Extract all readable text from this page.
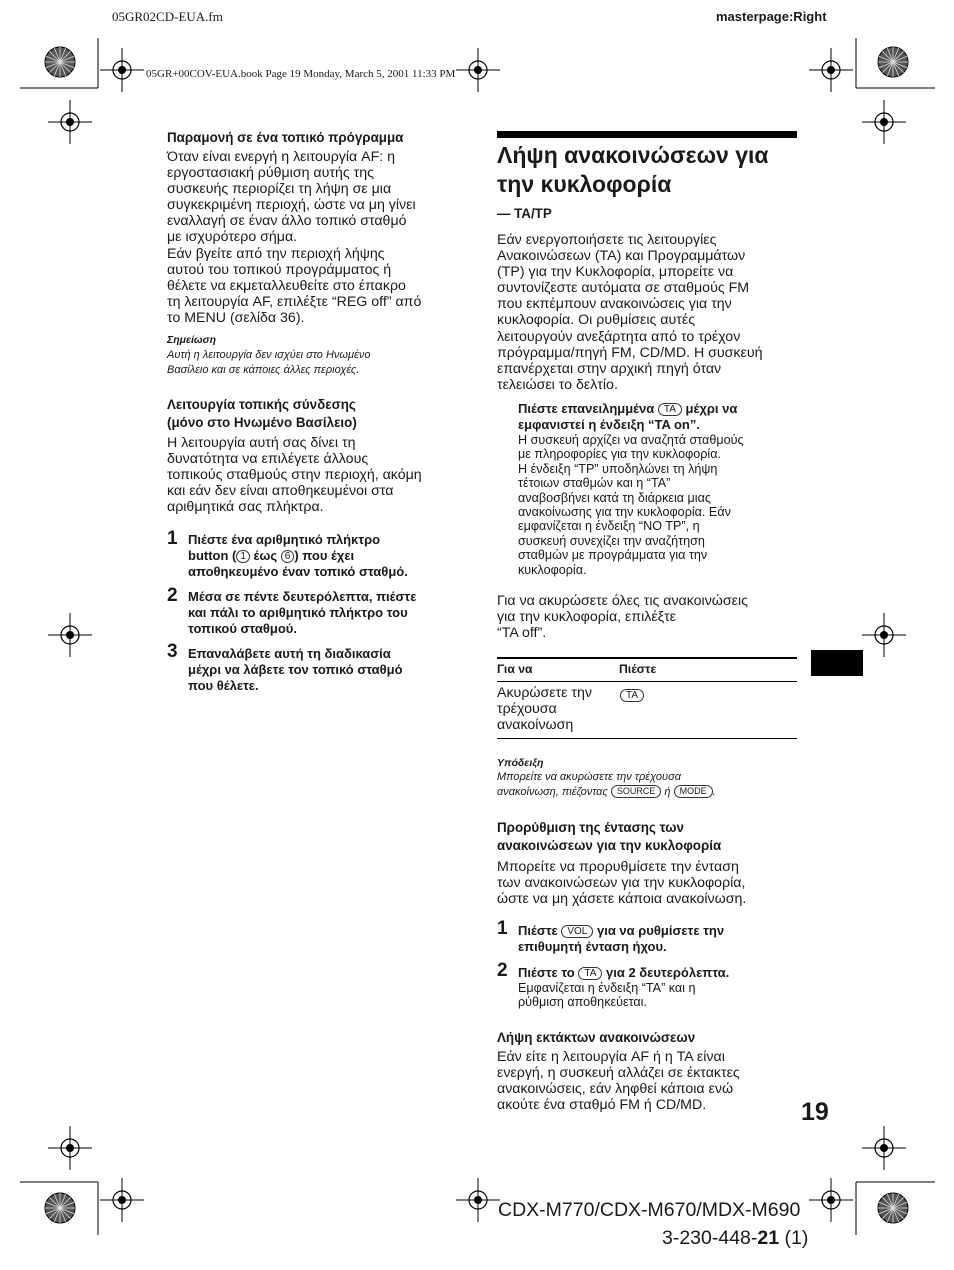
05GR02CD-EUA.fm	masterpage:Right
05GR+00COV-EUA.book Page 19 Monday, March 5, 2001 11:33 PM
Παραμονή σε ένα τοπικό πρόγραμμα
Όταν είναι ενεργή η λειτουργία AF: η
εργοστασιακή ρύθμιση αυτής της
συσκευής περιορίζει τη λήψη σε μια
συγκεκριμένη περιοχή, ώστε να μη γίνει
εναλλαγή σε έναν άλλο τοπικό σταθμό
με ισχυρότερο σήμα.
Εάν βγείτε από την περιοχή λήψης
αυτού του τοπικού προγράμματος ή
θέλετε να εκμεταλλευθείτε στο έπακρο
τη λειτουργία AF, επιλέξτε “REG off” από
το MENU (σελίδα 36).
Σημείωση
Αυτή η λειτουργία δεν ισχύει στο Ηνωμένο
Βασίλειο και σε κάποιες άλλες περιοχές.
Λειτουργία τοπικής σύνδεσης
(μόνο στο Ηνωμένο Βασίλειο)
Η λειτουργία αυτή σας δίνει τη
δυνατότητα να επιλέγετε άλλους
τοπικούς σταθμούς στην περιοχή, ακόμη
και εάν δεν είναι αποθηκευμένοι στα
αριθμητικά σας πλήκτρα.
1 Πιέστε ένα αριθμητικό πλήκτρο
button ( 1 έως 6 ) που έχει
αποθηκευμένο έναν τοπικό σταθμό.
2 Μέσα σε πέντε δευτερόλεπτα, πιέστε
και πάλι το αριθμητικό πλήκτρο του
τοπικού σταθμού.
3 Επαναλάβετε αυτή τη διαδικασία
μέχρι να λάβετε τον τοπικό σταθμό
που θέλετε.
Λήψη ανακοινώσεων για
την κυκλοφορία
— TA/TP
Εάν ενεργοποιήσετε τις λειτουργίες
Ανακοινώσεων (TA) και Προγραμμάτων
(TP) για την Κυκλοφορία, μπορείτε να
συντονίζεστε αυτόματα σε σταθμούς FM
που εκπέμπουν ανακοινώσεις για την
κυκλοφορία. Οι ρυθμίσεις αυτές
λειτουργούν ανεξάρτητα από το τρέχον
πρόγραμμα/πηγή FM, CD/MD. Η συσκευή
επανέρχεται στην αρχική πηγή όταν
τελειώσει το δελτίο.
Πιέστε επανειλημμένα TA μέχρι να
εμφανιστεί η ένδειξη “TA on”.
Η συσκευή αρχίζει να αναζητά σταθμούς
με πληροφορίες για την κυκλοφορία.
Η ένδειξη “TP” υποδηλώνει τη λήψη
τέτοιων σταθμών και η “TA”
αναβοσβήνει κατά τη διάρκεια μιας
ανακοίνωσης για την κυκλοφορία. Εάν
εμφανίζεται η ένδειξη “NO TP”, η
συσκευή συνεχίζει την αναζήτηση
σταθμών με προγράμματα για την
κυκλοφορία.
Για να ακυρώσετε όλες τις ανακοινώσεις
για την κυκλοφορία, επιλέξτε
“TA off”.
Για να	Πιέστε
Ακυρώσετε την
τρέχουσα
ανακοίνωση
TA
Υπόδειξη
Μπορείτε να ακυρώσετε την τρέχουσα
ανακοίνωση, πιέζοντας SOURCE ή MODE .
Προρύθμιση της έντασης των
ανακοινώσεων για την κυκλοφορία
Μπορείτε να προρυθμίσετε την ένταση
των ανακοινώσεων για την κυκλοφορία,
ώστε να μη χάσετε κάποια ανακοίνωση.
1 Πιέστε VOL για να ρυθμίσετε την
επιθυμητή ένταση ήχου.
2 Πιέστε το TA για 2 δευτερόλεπτα.
Εμφανίζεται η ένδειξη “TA” και η
ρύθμιση αποθηκεύεται.
Λήψη εκτάκτων ανακοινώσεων
Εάν είτε η λειτουργία AF ή η TA είναι
ενεργή, η συσκευή αλλάζει σε έκτακτες
ανακοινώσεις, εάν ληφθεί κάποια ενώ
ακούτε ένα σταθμό FM ή CD/MD.	19
CDX-M770/CDX-M670/MDX-M690
3-230-448-21 (1)
